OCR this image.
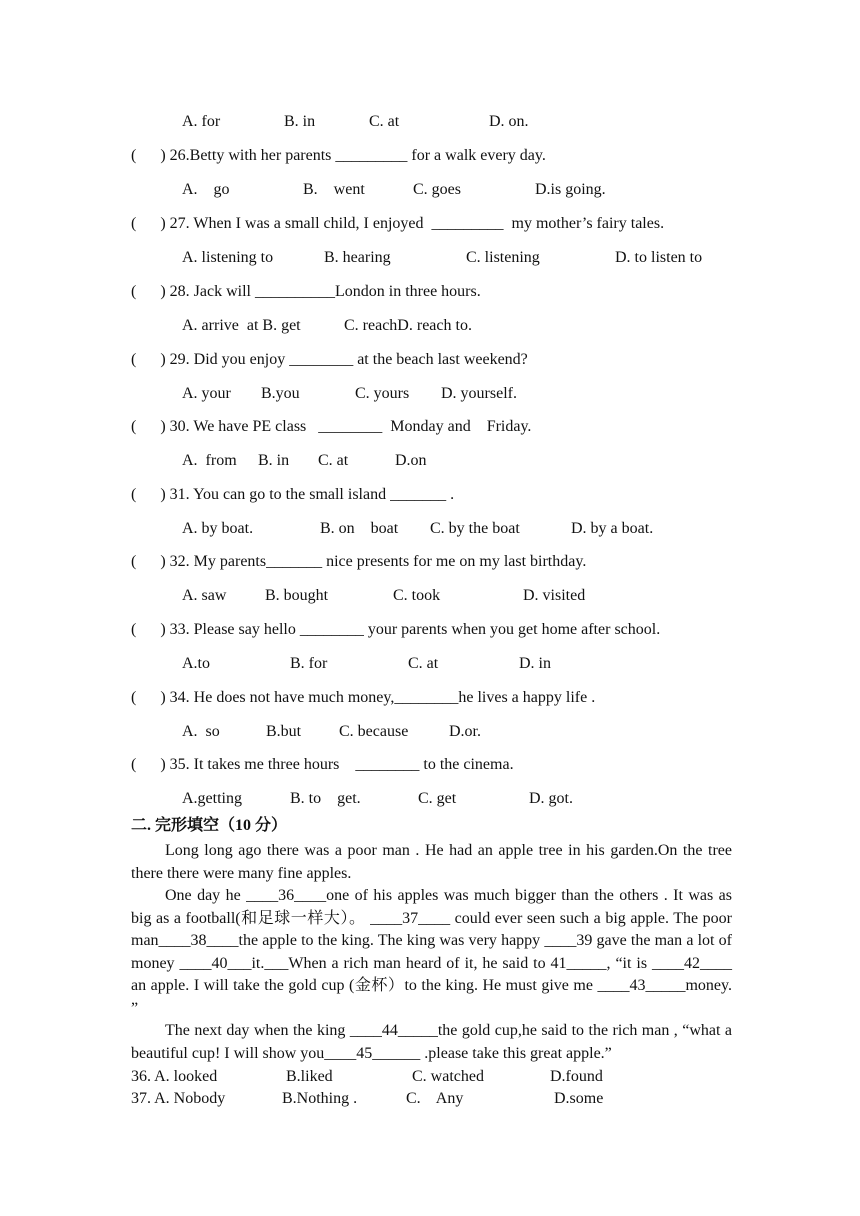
A. for	B. in	C. at	D. on.
(      ) 26.Betty with her parents _________ for a walk every day.
A.    go	B.    went	C. goes	D.is going.
(      ) 27. When I was a small child, I enjoyed  _________  my mother’s fairy tales.
A. listening to	B. hearing	C. listening	D. to listen to
(      ) 28. Jack will __________London in three hours.
A. arrive  at B. get	C. reachD. reach to.
(      ) 29. Did you enjoy ________ at the beach last weekend?
A. your B.you	C. yours D. yourself.
(      ) 30. We have PE class   ________  Monday and    Friday.
A.  from B. in C. at	D.on
(      ) 31. You can go to the small island _______ .
A. by boat.	B. on    boat C. by the boat	D. by a boat.
(      ) 32. My parents_______ nice presents for me on my last birthday.
A. saw B. bought	C. took	D. visited
(      ) 33. Please say hello ________ your parents when you get home after school.
A.to	B. for	C. at	D. in
(      ) 34. He does not have much money,________he lives a happy life .
A.  so	B.but C. because	D.or.
(      ) 35. It takes me three hours    ________ to the cinema.
A.getting	B. to    get.	C. get	D. got.
二. 完形填空（10 分）
Long long ago there was a poor man . He had an apple tree in his garden.On the tree there there were many fine apples.
One day he ____36____one of his apples was much bigger than the others . It was as big as a football(和足球一样大）。 ____37____ could ever seen such a big apple. The poor man____38____the apple to the king. The king was very happy ____39 gave the man a lot of money ____40___it.___When a rich man heard of it, he said to 41_____, “it is ____42____ an apple. I will take the gold cup (金杯）to the king. He must give me ____43_____money. ”
The next day when the king ____44_____the gold cup,he said to the rich man , “what a beautiful cup! I will show you____45______ .please take this great apple.”
36. A. looked	B.liked	C. watched	D.found
37. A. Nobody	B.Nothing .	C.    Any	D.some
